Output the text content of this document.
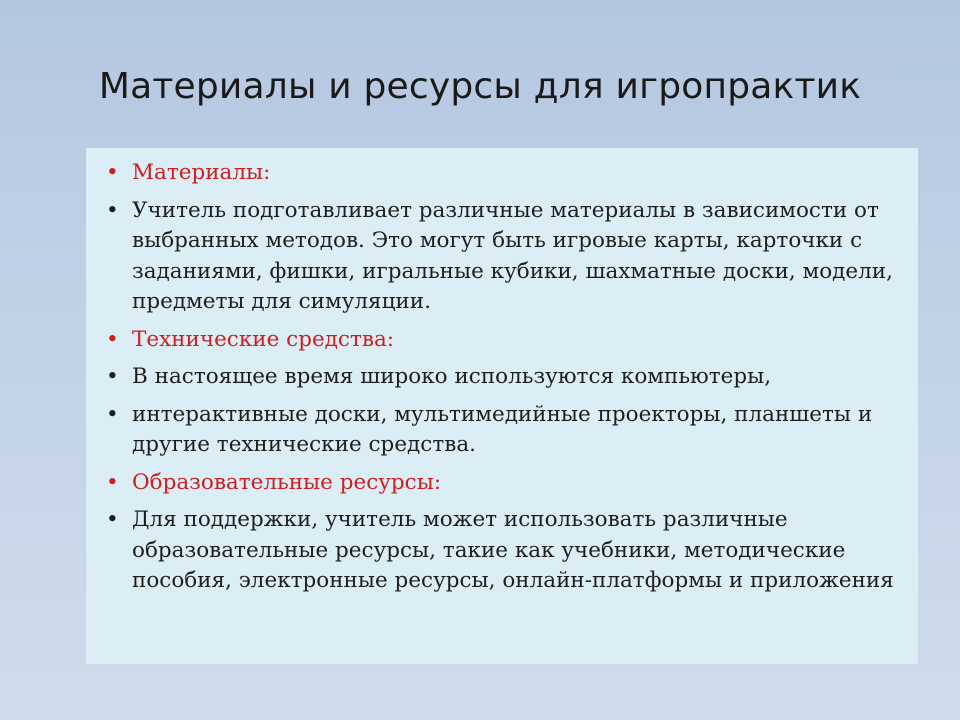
Материалы и ресурсы для игропрактик
• Материалы:
• Учитель подготавливает различные материалы в зависимости от выбранных методов. Это могут быть игровые карты, карточки с заданиями, фишки, игральные кубики, шахматные доски, модели, предметы для симуляции.
• Технические средства:
• В настоящее время широко используются компьютеры,
• интерактивные доски, мультимедийные проекторы, планшеты и другие технические средства.
• Образовательные ресурсы:
• Для поддержки, учитель может использовать различные образовательные ресурсы, такие как учебники, методические пособия, электронные ресурсы, онлайн-платформы и приложения
